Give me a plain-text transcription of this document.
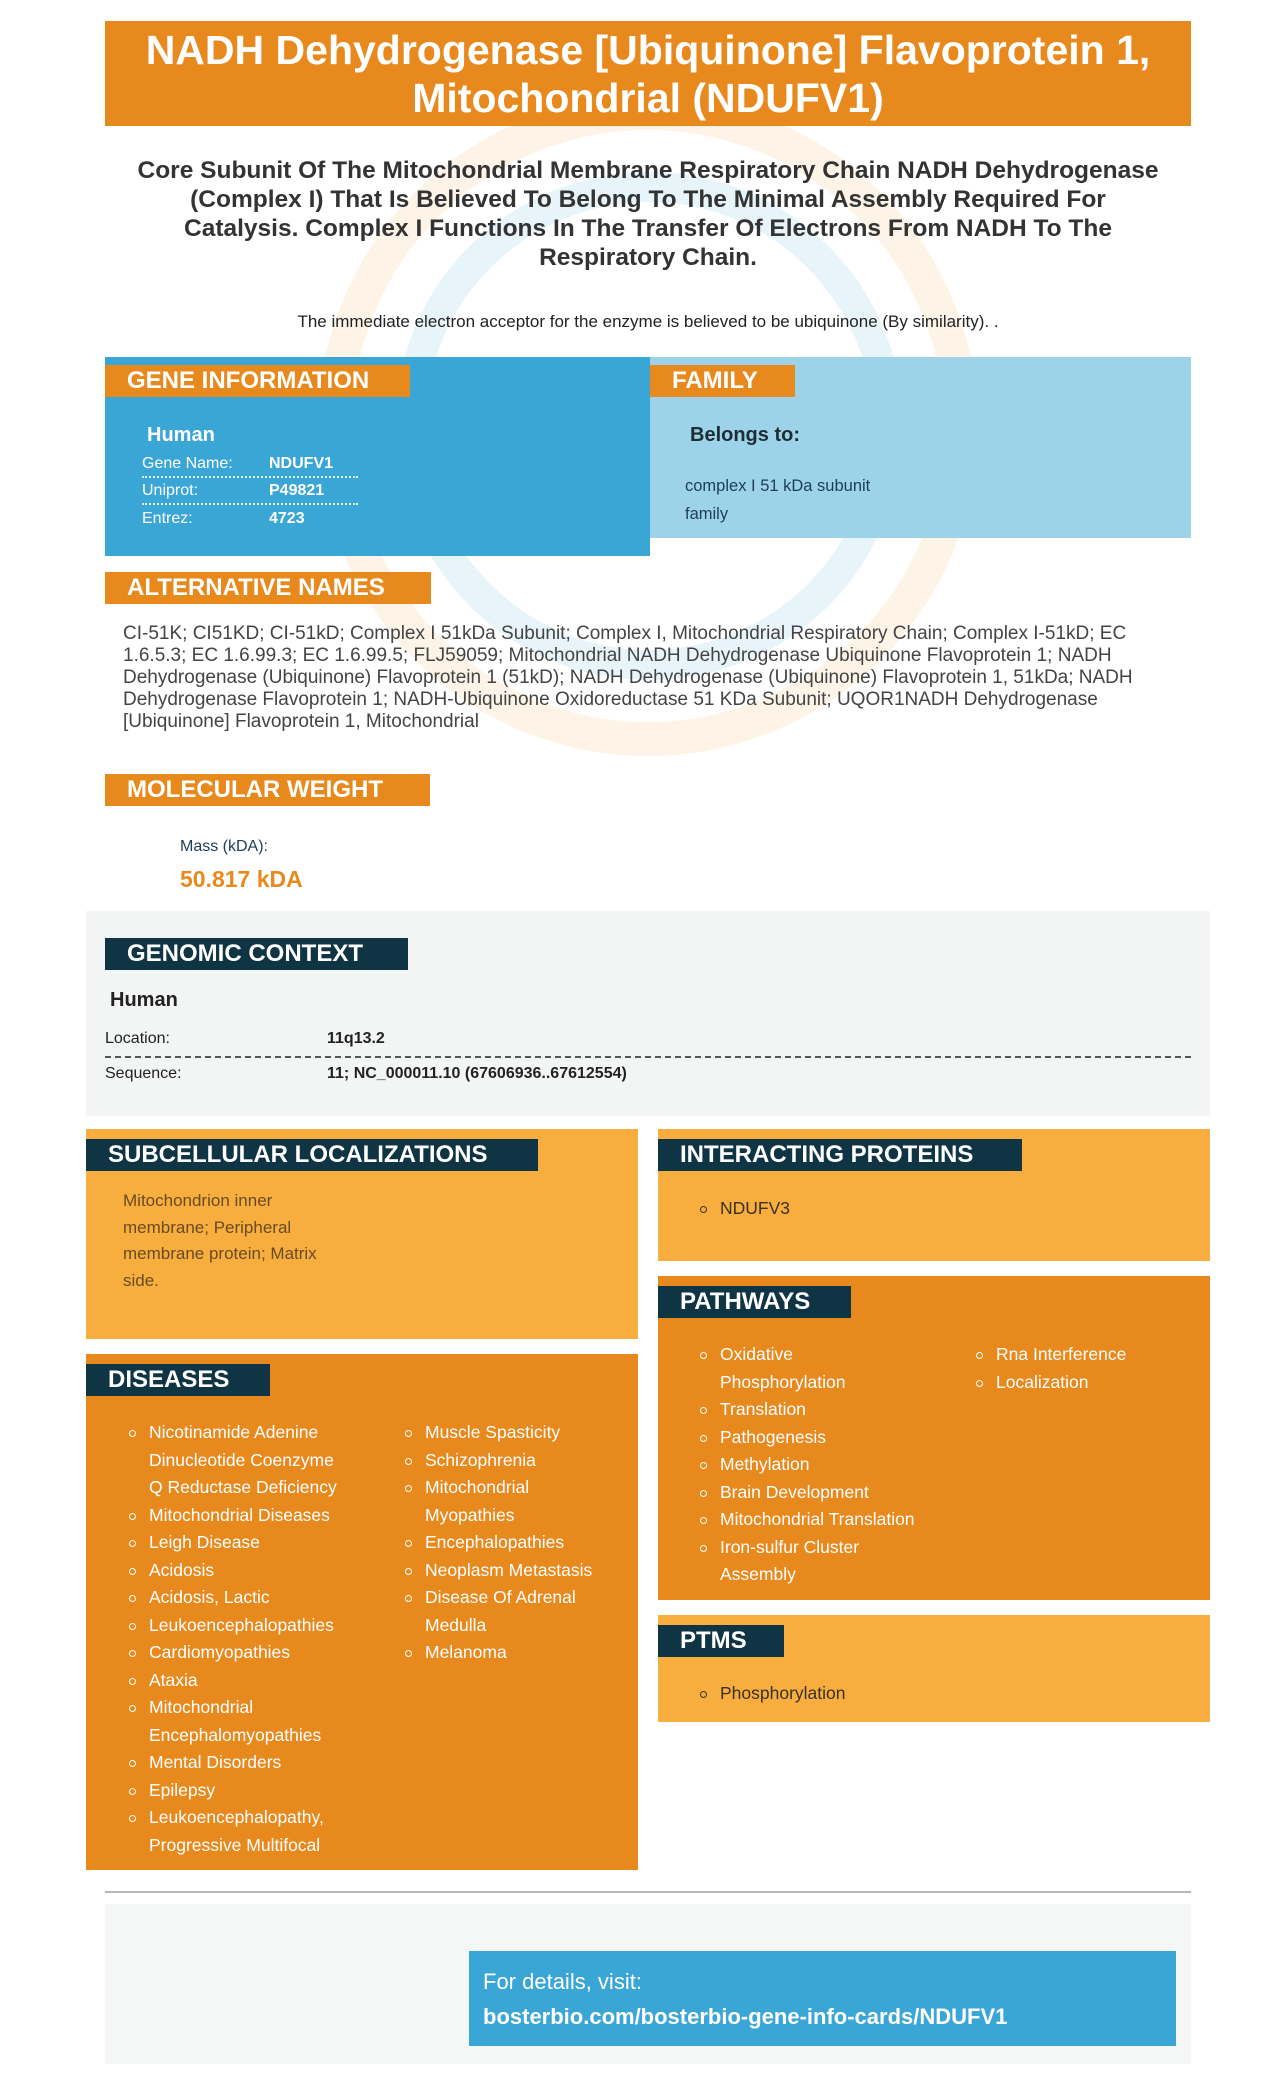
NADH Dehydrogenase [Ubiquinone] Flavoprotein 1, Mitochondrial (NDUFV1)
Core Subunit Of The Mitochondrial Membrane Respiratory Chain NADH Dehydrogenase (Complex I) That Is Believed To Belong To The Minimal Assembly Required For Catalysis. Complex I Functions In The Transfer Of Electrons From NADH To The Respiratory Chain.
The immediate electron acceptor for the enzyme is believed to be ubiquinone (By similarity). .
GENE INFORMATION
Human
Gene Name:	NDUFV1
Uniprot:	P49821
Entrez:	4723
FAMILY
Belongs to:
complex I 51 kDa subunit family
ALTERNATIVE NAMES
CI-51K; CI51KD; CI-51kD; Complex I 51kDa Subunit; Complex I, Mitochondrial Respiratory Chain; Complex I-51kD; EC 1.6.5.3; EC 1.6.99.3; EC 1.6.99.5; FLJ59059; Mitochondrial NADH Dehydrogenase Ubiquinone Flavoprotein 1; NADH Dehydrogenase (Ubiquinone) Flavoprotein 1 (51kD); NADH Dehydrogenase (Ubiquinone) Flavoprotein 1, 51kDa; NADH Dehydrogenase Flavoprotein 1; NADH-Ubiquinone Oxidoreductase 51 KDa Subunit; UQOR1NADH Dehydrogenase [Ubiquinone] Flavoprotein 1, Mitochondrial
MOLECULAR WEIGHT
Mass (kDA):
50.817 kDA
GENOMIC CONTEXT
Human
Location:	11q13.2
Sequence:	11; NC_000011.10 (67606936..67612554)
SUBCELLULAR LOCALIZATIONS
Mitochondrion inner membrane; Peripheral membrane protein; Matrix side.
DISEASES
Nicotinamide Adenine Dinucleotide Coenzyme Q Reductase Deficiency
Mitochondrial Diseases
Leigh Disease
Acidosis
Acidosis, Lactic
Leukoencephalopathies
Cardiomyopathies
Ataxia
Mitochondrial Encephalomyopathies
Mental Disorders
Epilepsy
Leukoencephalopathy, Progressive Multifocal
Muscle Spasticity
Schizophrenia
Mitochondrial Myopathies
Encephalopathies
Neoplasm Metastasis
Disease Of Adrenal Medulla
Melanoma
INTERACTING PROTEINS
NDUFV3
PATHWAYS
Oxidative Phosphorylation
Translation
Pathogenesis
Methylation
Brain Development
Mitochondrial Translation
Iron-sulfur Cluster Assembly
Rna Interference
Localization
PTMS
Phosphorylation
For details, visit:
bosterbio.com/bosterbio-gene-info-cards/NDUFV1
